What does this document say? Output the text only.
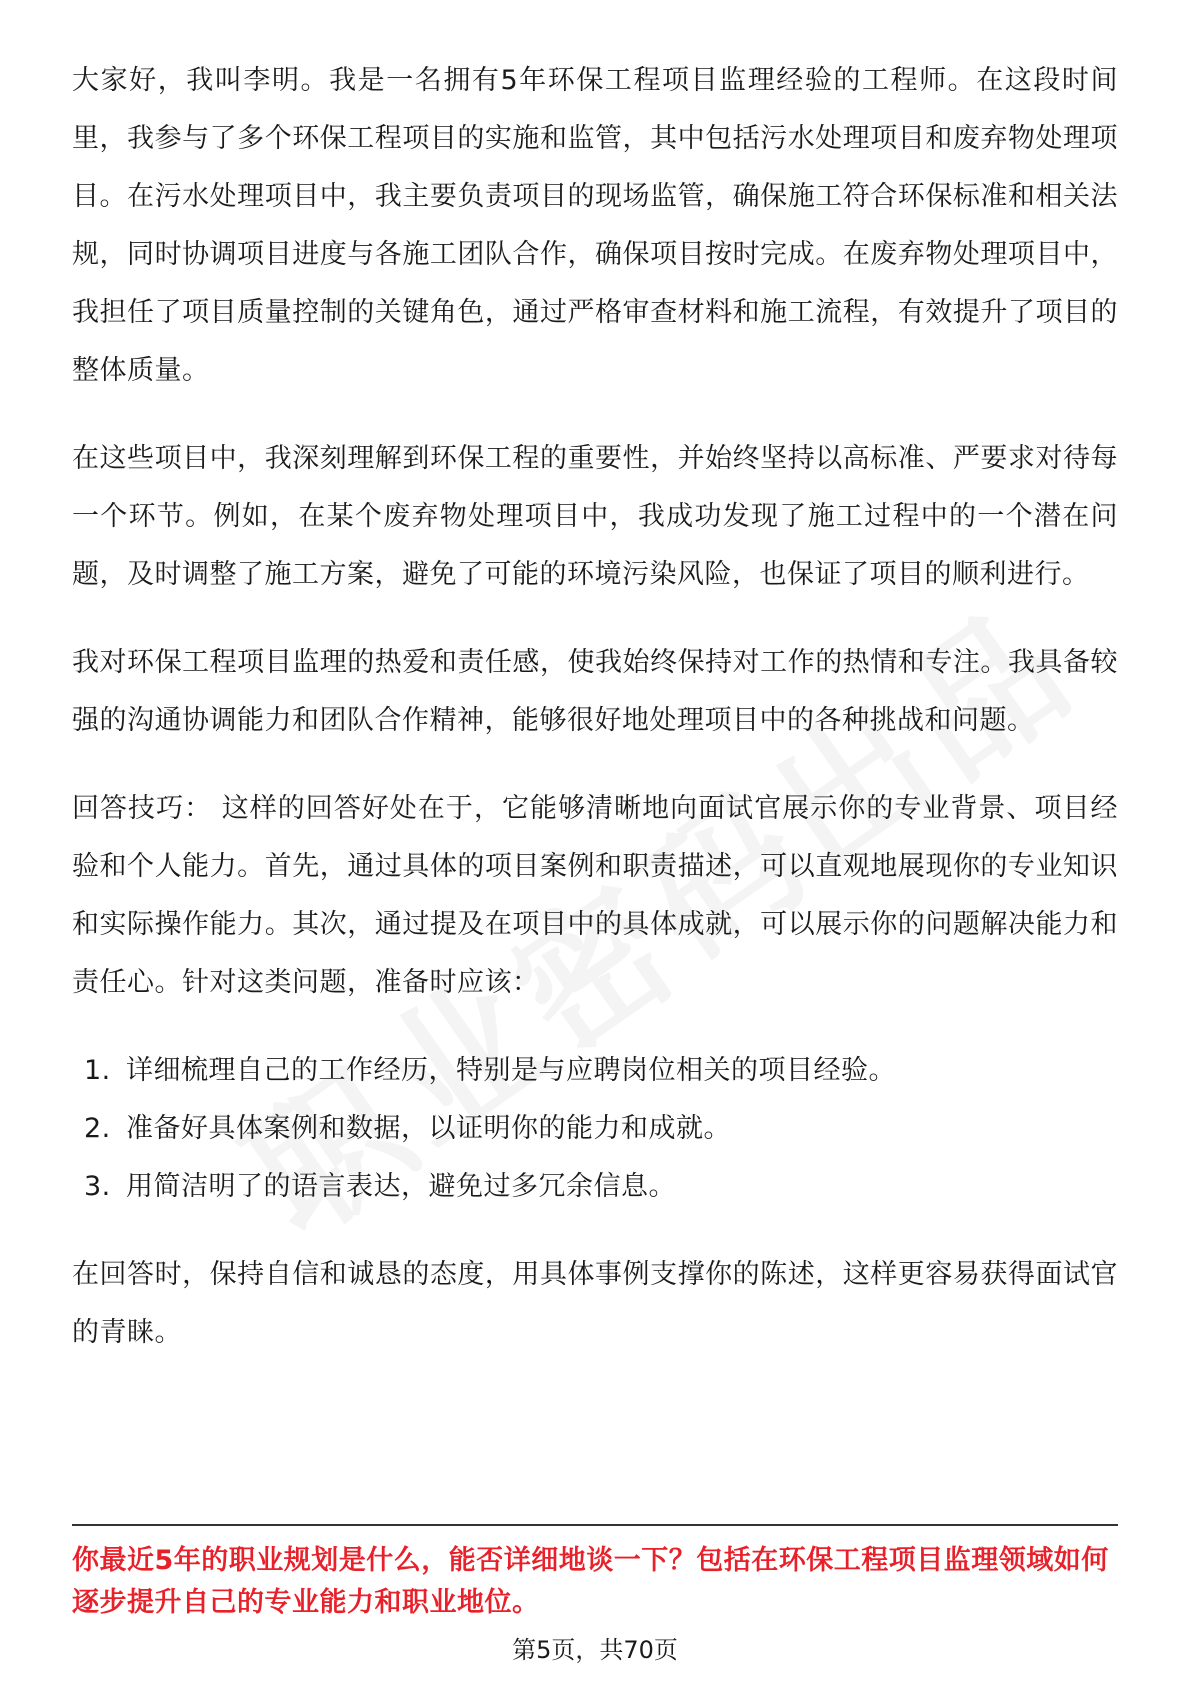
大家好，我叫李明。我是一名拥有5年环保工程项目监理经验的工程师。在这段时间里，我参与了多个环保工程项目的实施和监管，其中包括污水处理项目和废弃物处理项目。在污水处理项目中，我主要负责项目的现场监管，确保施工符合环保标准和相关法规，同时协调项目进度与各施工团队合作，确保项目按时完成。在废弃物处理项目中，我担任了项目质量控制的关键角色，通过严格审查材料和施工流程，有效提升了项目的整体质量。

在这些项目中，我深刻理解到环保工程的重要性，并始终坚持以高标准、严要求对待每一个环节。例如，在某个废弃物处理项目中，我成功发现了施工过程中的一个潜在问题，及时调整了施工方案，避免了可能的环境污染风险，也保证了项目的顺利进行。

我对环保工程项目监理的热爱和责任感，使我始终保持对工作的热情和专注。我具备较强的沟通协调能力和团队合作精神，能够很好地处理项目中的各种挑战和问题。

回答技巧： 这样的回答好处在于，它能够清晰地向面试官展示你的专业背景、项目经验和个人能力。首先，通过具体的项目案例和职责描述，可以直观地展现你的专业知识和实际操作能力。其次，通过提及在项目中的具体成就，可以展示你的问题解决能力和责任心。针对这类问题，准备时应该：

1. 详细梳理自己的工作经历，特别是与应聘岗位相关的项目经验。
2. 准备好具体案例和数据，以证明你的能力和成就。
3. 用简洁明了的语言表达，避免过多冗余信息。

在回答时，保持自信和诚恳的态度，用具体事例支撑你的陈述，这样更容易获得面试官的青睐。

你最近5年的职业规划是什么，能否详细地谈一下？包括在环保工程项目监理领域如何逐步提升自己的专业能力和职业地位。
第5页，共70页
